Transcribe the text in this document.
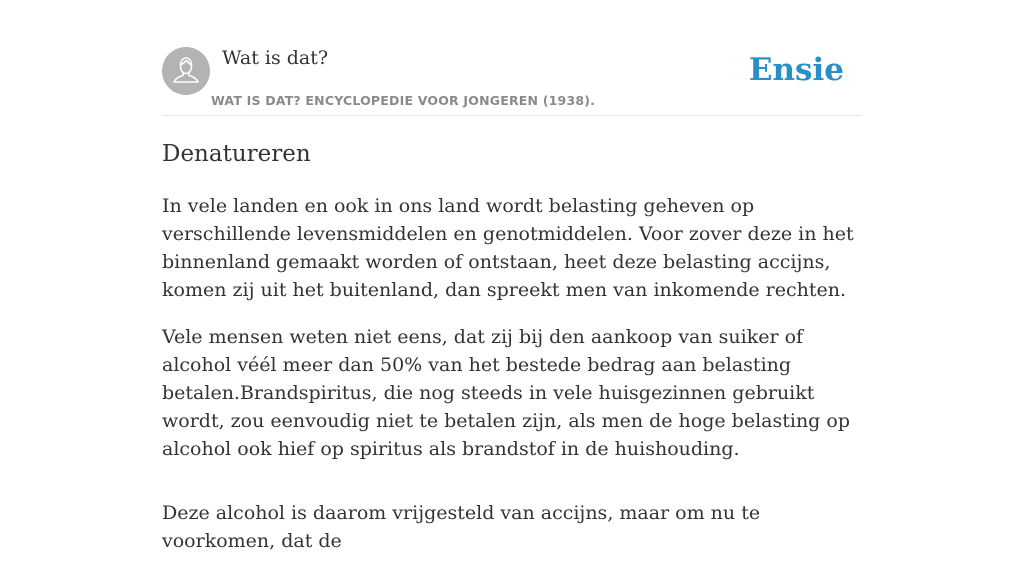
Wat is dat?
WAT IS DAT? ENCYCLOPEDIE VOOR JONGEREN (1938).
Ensie
Denatureren

In vele landen en ook in ons land wordt belasting geheven op verschillende levensmiddelen en genotmiddelen. Voor zover deze in het binnenland gemaakt worden of ontstaan, heet deze belasting accijns, komen zij uit het buitenland, dan spreekt men van inkomende rechten.

Vele mensen weten niet eens, dat zij bij den aankoop van suiker of alcohol véél meer dan 50% van het bestede bedrag aan belasting betalen.Brandspiritus, die nog steeds in vele huisgezinnen gebruikt wordt, zou eenvoudig niet te betalen zijn, als men de hoge belasting op alcohol ook hief op spiritus als brandstof in de huishouding.

Deze alcohol is daarom vrijgesteld van accijns, maar om nu te voorkomen, dat de
